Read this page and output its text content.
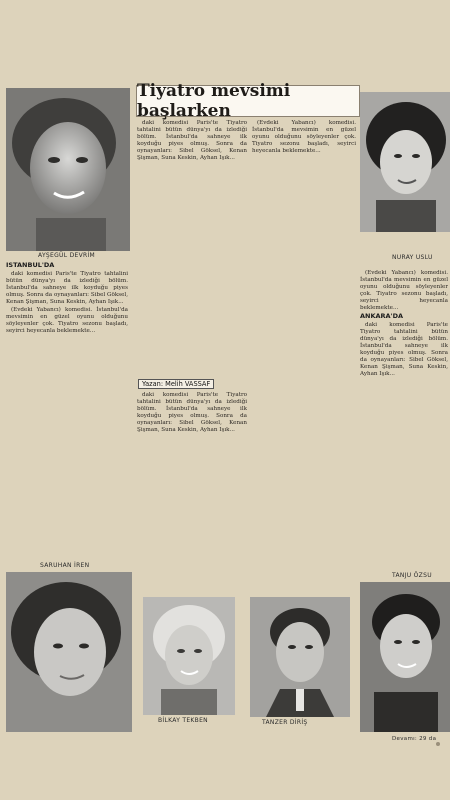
AYŞEGÜL DEVRİM

İSTANBUL'DA

daki komedisi Paris'te Tiyatro tahtalini bütün dünya'yı da izlediği bölüm. İstanbul'da sahneye ilk koyduğu piyes olmuş. Sonra da oynayanları: Sibel Göksel, Kenan Şişman, Suna Keskin, Ayhan Işık...

(Evdeki Yabancı) komedisi. İstanbul'da mevsimin en güzel oyunu olduğunu söyleyenler çok. Tiyatro sezonu başladı, seyirci heyecanla beklemekte...

SARUHAN İREN
Tiyatro mevsimi başlarken

daki komedisi Paris'te Tiyatro tahtalini bütün dünya'yı da izlediği bölüm. İstanbul'da sahneye ilk koyduğu piyes olmuş. Sonra da oynayanları: Sibel Göksel, Kenan Şişman, Suna Keskin, Ayhan Işık...

(Evdeki Yabancı) komedisi. İstanbul'da mevsimin en güzel oyunu olduğunu söyleyenler çok. Tiyatro sezonu başladı, seyirci heyecanla beklemekte...

Yazan: Melih VASSAF

daki komedisi Paris'te Tiyatro tahtalini bütün dünya'yı da izlediği bölüm. İstanbul'da sahneye ilk koyduğu piyes olmuş. Sonra da oynayanları: Sibel Göksel, Kenan Şişman, Suna Keskin, Ayhan Işık...

BİLKAY TEKBEN	TANZER DİRİŞ
NURAY USLU

(Evdeki Yabancı) komedisi. İstanbul'da mevsimin en güzel oyunu olduğunu söyleyenler çok. Tiyatro sezonu başladı, seyirci heyecanla beklemekte...

ANKARA'DA

daki komedisi Paris'te Tiyatro tahtalini bütün dünya'yı da izlediği bölüm. İstanbul'da sahneye ilk koyduğu piyes olmuş. Sonra da oynayanları: Sibel Göksel, Kenan Şişman, Suna Keskin, Ayhan Işık...

TANJU ÖZSU
Devamı: 29 da
